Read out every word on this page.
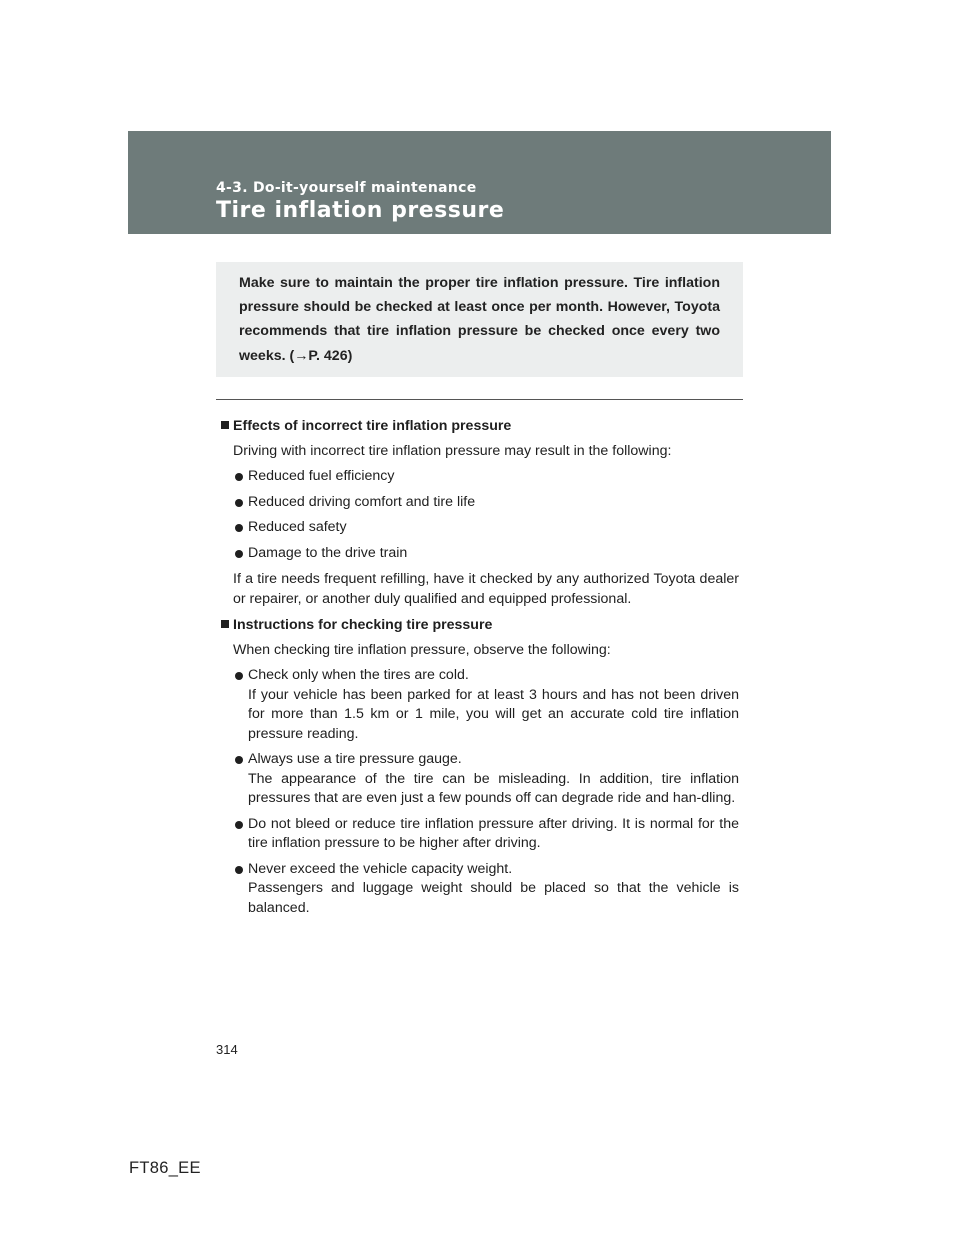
4-3. Do-it-yourself maintenance
Tire inflation pressure

Make sure to maintain the proper tire inflation pressure. Tire inflation pressure should be checked at least once per month. However, Toyota recommends that tire inflation pressure be checked once every two weeks. (→P. 426)

Effects of incorrect tire inflation pressure
Driving with incorrect tire inflation pressure may result in the following:
Reduced fuel efficiency
Reduced driving comfort and tire life
Reduced safety
Damage to the drive train
If a tire needs frequent refilling, have it checked by any authorized Toyota dealer or repairer, or another duly qualified and equipped professional.
Instructions for checking tire pressure
When checking tire inflation pressure, observe the following:
Check only when the tires are cold.
If your vehicle has been parked for at least 3 hours and has not been driven for more than 1.5 km or 1 mile, you will get an accurate cold tire inflation pressure reading.
Always use a tire pressure gauge.
The appearance of the tire can be misleading. In addition, tire inflation pressures that are even just a few pounds off can degrade ride and han-dling.
Do not bleed or reduce tire inflation pressure after driving. It is normal for the tire inflation pressure to be higher after driving.
Never exceed the vehicle capacity weight.
Passengers and luggage weight should be placed so that the vehicle is balanced.
314
FT86_EE
